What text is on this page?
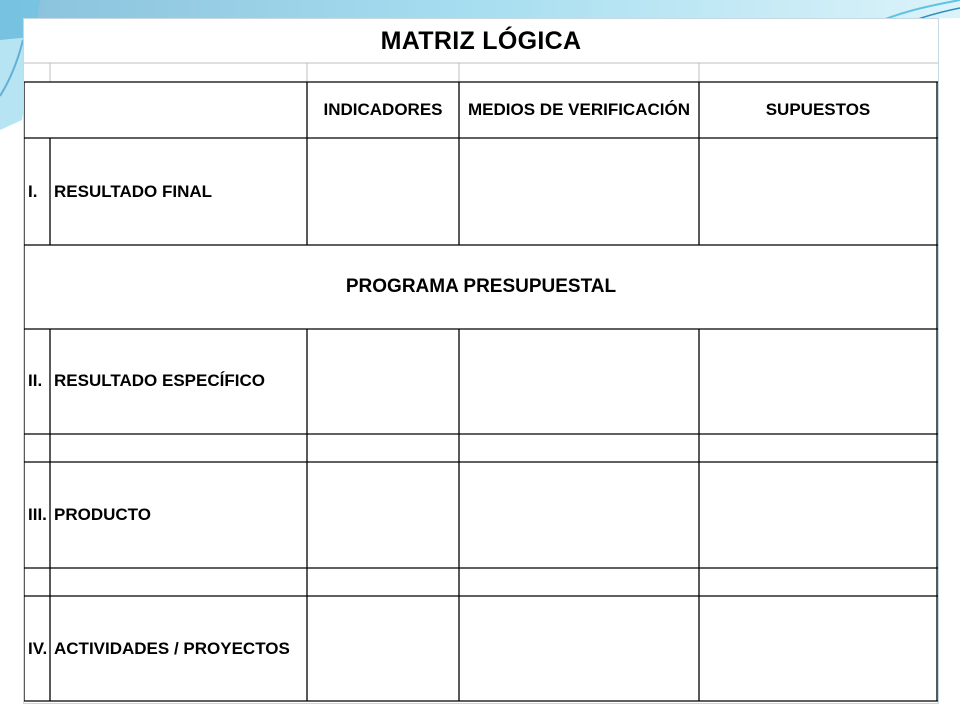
MATRIZ LÓGICA
INDICADORES	MEDIOS DE VERIFICACIÓN	SUPUESTOS
I. RESULTADO FINAL
PROGRAMA PRESUPUESTAL
II. RESULTADO ESPECÍFICO
III. PRODUCTO
IV. ACTIVIDADES / PROYECTOS
